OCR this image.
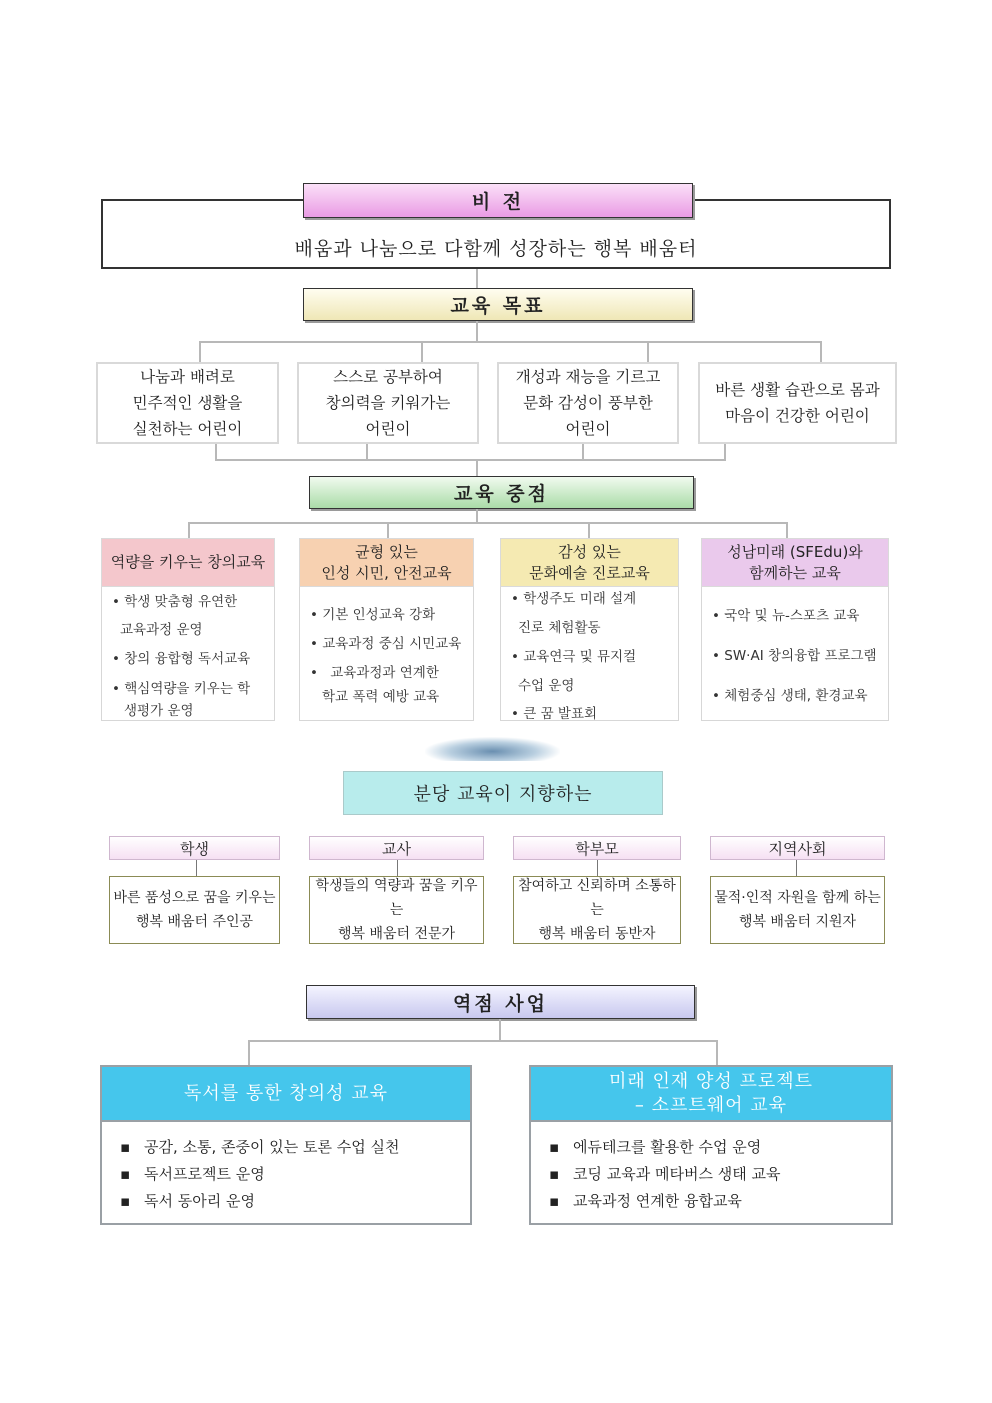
배움과 나눔으로 다함께 성장하는 행복 배움터
비 전
교육 목표
나눔과 배려로
민주적인 생활을
실천하는 어린이
스스로 공부하여
창의력을 키워가는
어린이
개성과 재능을 기르고
문화 감성이 풍부한
어린이
바른 생활 습관으로 몸과
마음이 건강한 어린이
교육 중점
역량을 키우는 창의교육
• 학생 맞춤형 유연한
교육과정 운영
• 창의 융합형 독서교육
• 핵심역량을 키우는 학
생평가 운영
균형 있는
인성 시민, 안전교육
• 기본 인성교육 강화
• 교육과정 중심 시민교육
• 교육과정과 연계한
학교 폭력 예방 교육
감성 있는
문화예술 진로교육
• 학생주도 미래 설계
진로 체험활동
• 교육연극 및 뮤지컬
수업 운영
• 큰 꿈 발표회
성남미래 (SFEdu)와
함께하는 교육
• 국악 및 뉴-스포츠 교육
• SW·AI 창의융합 프로그램
• 체험중심 생태, 환경교육
분당 교육이 지향하는
학생
바른 품성으로 꿈을 키우는
행복 배움터 주인공
교사
학생들의 역량과 꿈을 키우는
행복 배움터 전문가
학부모
참여하고 신뢰하며 소통하는
행복 배움터 동반자
지역사회
물적·인적 자원을 함께 하는
행복 배움터 지원자
역점 사업
독서를 통한 창의성 교육
▪ 공감, 소통, 존중이 있는 토론 수업 실천
▪ 독서프로젝트 운영
▪ 독서 동아리 운영
미래 인재 양성 프로젝트
– 소프트웨어 교육
▪ 에듀테크를 활용한 수업 운영
▪ 코딩 교육과 메타버스 생태 교육
▪ 교육과정 연계한 융합교육
